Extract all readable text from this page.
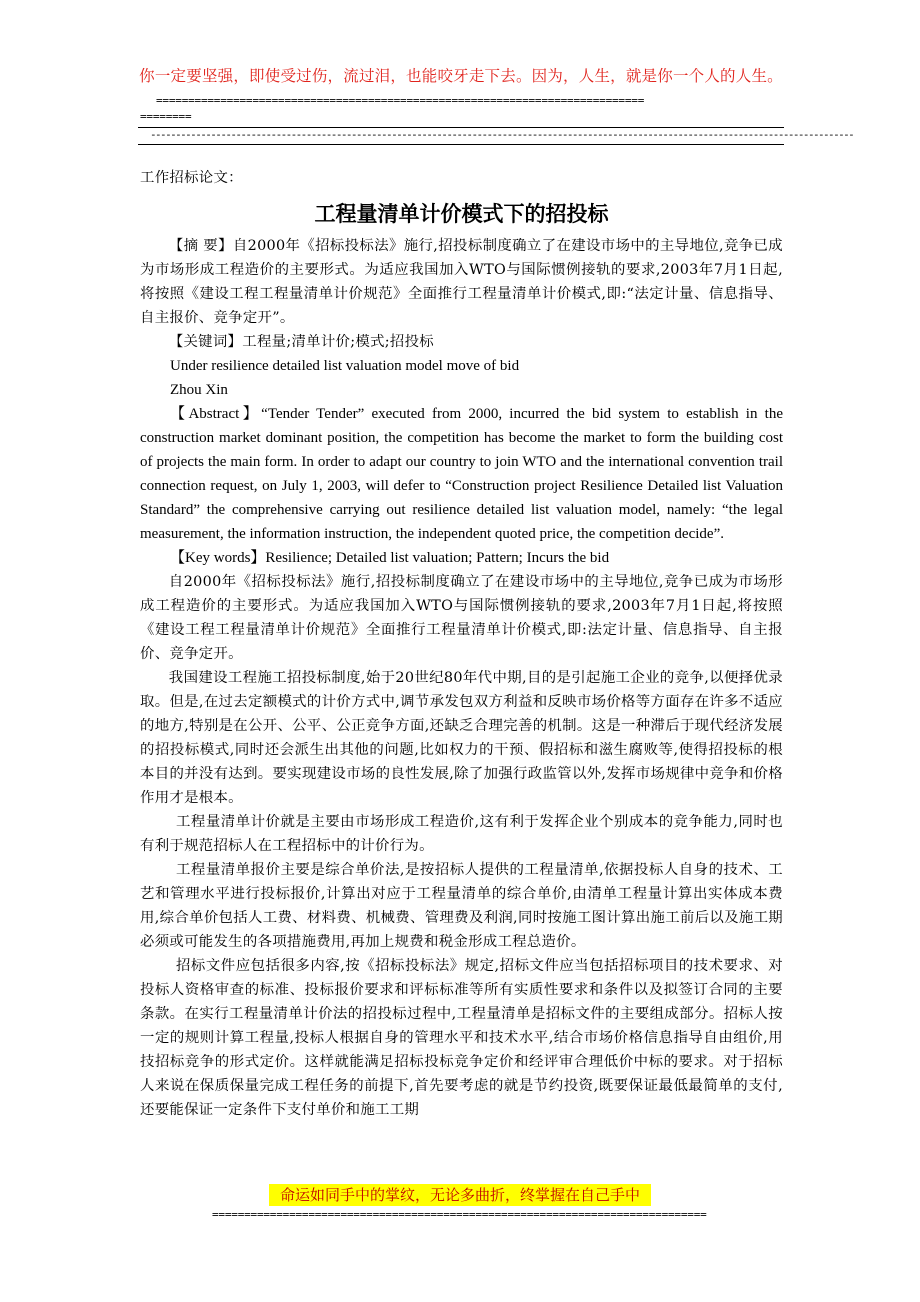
你一定要坚强，即使受过伤，流过泪，也能咬牙走下去。因为，人生，就是你一个人的人生。
============================================================================
========
--------------------------------------------------------------------------------------------------------------------------------------------
工作招标论文：
工程量清单计价模式下的招投标

【摘 要】自2000年《招标投标法》施行,招投标制度确立了在建设市场中的主导地位,竞争已成为市场形成工程造价的主要形式。为适应我国加入WTO与国际惯例接轨的要求,2003年7月1日起,将按照《建设工程工程量清单计价规范》全面推行工程量清单计价模式,即:“法定计量、信息指导、自主报价、竞争定开”。

【关键词】工程量;清单计价;模式;招投标

Under resilience detailed list valuation model move of bid

Zhou Xin

【Abstract】“Tender Tender” executed from 2000, incurred the bid system to establish in the construction market dominant position, the competition has become the market to form the building cost of projects the main form. In order to adapt our country to join WTO and the international convention trail connection request, on July 1, 2003, will defer to “Construction project Resilience Detailed list Valuation Standard” the comprehensive carrying out resilience detailed list valuation model, namely: “the legal measurement, the information instruction, the independent quoted price, the competition decide”.

【Key words】Resilience; Detailed list valuation; Pattern; Incurs the bid

自2000年《招标投标法》施行,招投标制度确立了在建设市场中的主导地位,竞争已成为市场形成工程造价的主要形式。为适应我国加入WTO与国际惯例接轨的要求,2003年7月1日起,将按照《建设工程工程量清单计价规范》全面推行工程量清单计价模式,即:法定计量、信息指导、自主报价、竞争定开。

我国建设工程施工招投标制度,始于20世纪80年代中期,目的是引起施工企业的竞争,以便择优录取。但是,在过去定额模式的计价方式中,调节承发包双方利益和反映市场价格等方面存在许多不适应的地方,特别是在公开、公平、公正竞争方面,还缺乏合理完善的机制。这是一种滞后于现代经济发展的招投标模式,同时还会派生出其他的问题,比如权力的干预、假招标和滋生腐败等,使得招投标的根本目的并没有达到。要实现建设市场的良性发展,除了加强行政监管以外,发挥市场规律中竞争和价格作用才是根本。

工程量清单计价就是主要由市场形成工程造价,这有利于发挥企业个别成本的竞争能力,同时也有利于规范招标人在工程招标中的计价行为。

工程量清单报价主要是综合单价法,是按招标人提供的工程量清单,依据投标人自身的技术、工艺和管理水平进行投标报价,计算出对应于工程量清单的综合单价,由清单工程量计算出实体成本费用,综合单价包括人工费、材料费、机械费、管理费及利润,同时按施工图计算出施工前后以及施工期必须或可能发生的各项措施费用,再加上规费和税金形成工程总造价。

招标文件应包括很多内容,按《招标投标法》规定,招标文件应当包括招标项目的技术要求、对投标人资格审查的标准、投标报价要求和评标标准等所有实质性要求和条件以及拟签订合同的主要条款。在实行工程量清单计价法的招投标过程中,工程量清单是招标文件的主要组成部分。招标人按一定的规则计算工程量,投标人根据自身的管理水平和技术水平,结合市场价格信息指导自由组价,用技招标竞争的形式定价。这样就能满足招标投标竞争定价和经评审合理低价中标的要求。对于招标人来说在保质保量完成工程任务的前提下,首先要考虑的就是节约投资,既要保证最低最简单的支付,还要能保证一定条件下支付单价和施工工期

命运如同手中的掌纹，无论多曲折，终掌握在自己手中
=============================================================================
